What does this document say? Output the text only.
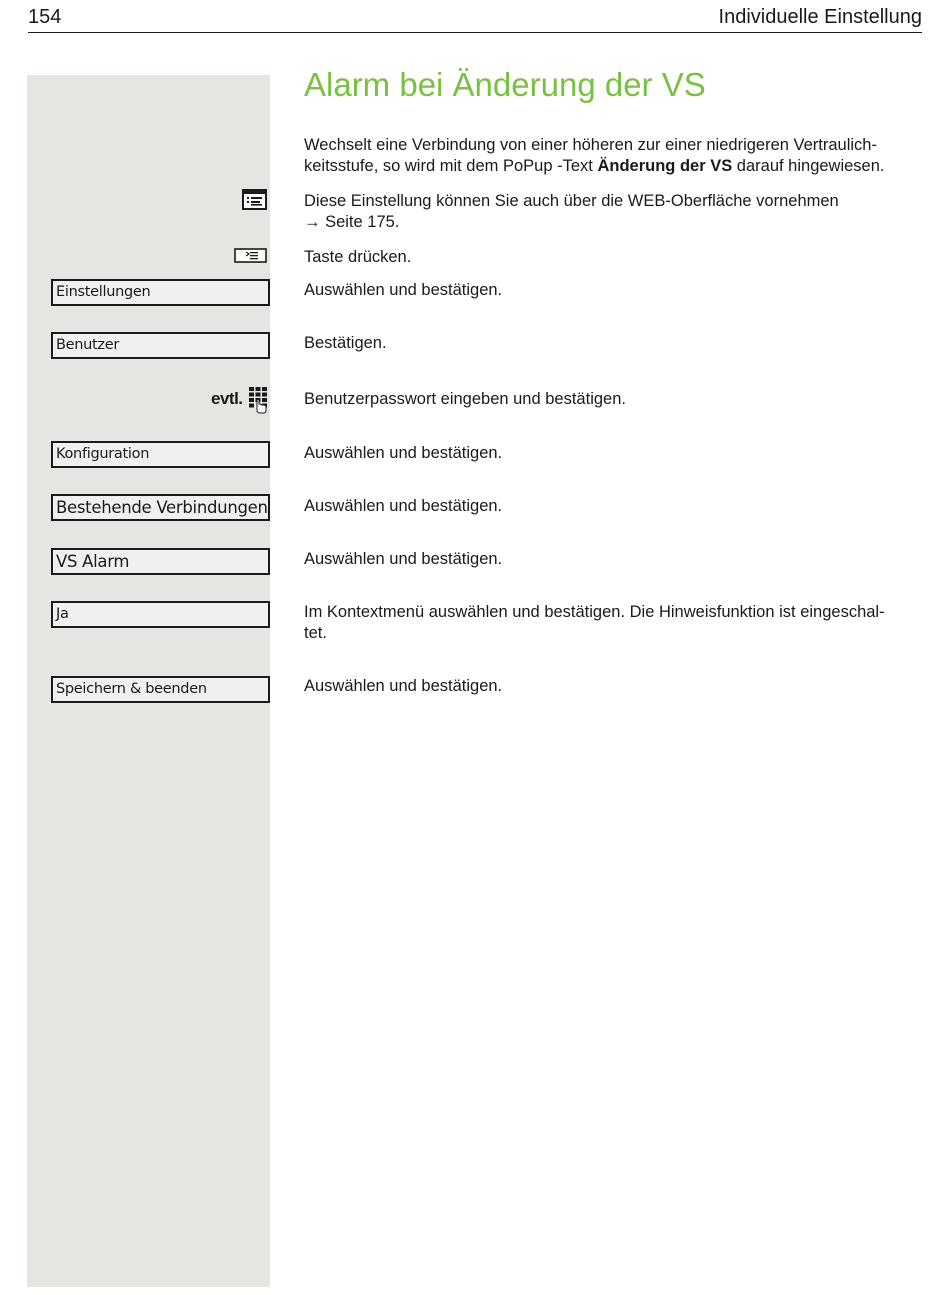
154	Individuelle Einstellung
Alarm bei Änderung der VS

Wechselt eine Verbindung von einer höheren zur einer niedrigeren Vertraulich-
keitsstufe, so wird mit dem PoPup -Text Änderung der VS darauf hingewiesen.

Diese Einstellung können Sie auch über die WEB-Oberfläche vornehmen
→ Seite 175.

Taste drücken.

Einstellungen	Auswählen und bestätigen.

Benutzer	Bestätigen.

evtl.	Benutzerpasswort eingeben und bestätigen.

Konfiguration	Auswählen und bestätigen.

Bestehende Verbindungen Auswählen und bestätigen.

VS Alarm	Auswählen und bestätigen.

Ja	Im Kontextmenü auswählen und bestätigen. Die Hinweisfunktion ist eingeschal-
tet.

Speichern & beenden	Auswählen und bestätigen.
